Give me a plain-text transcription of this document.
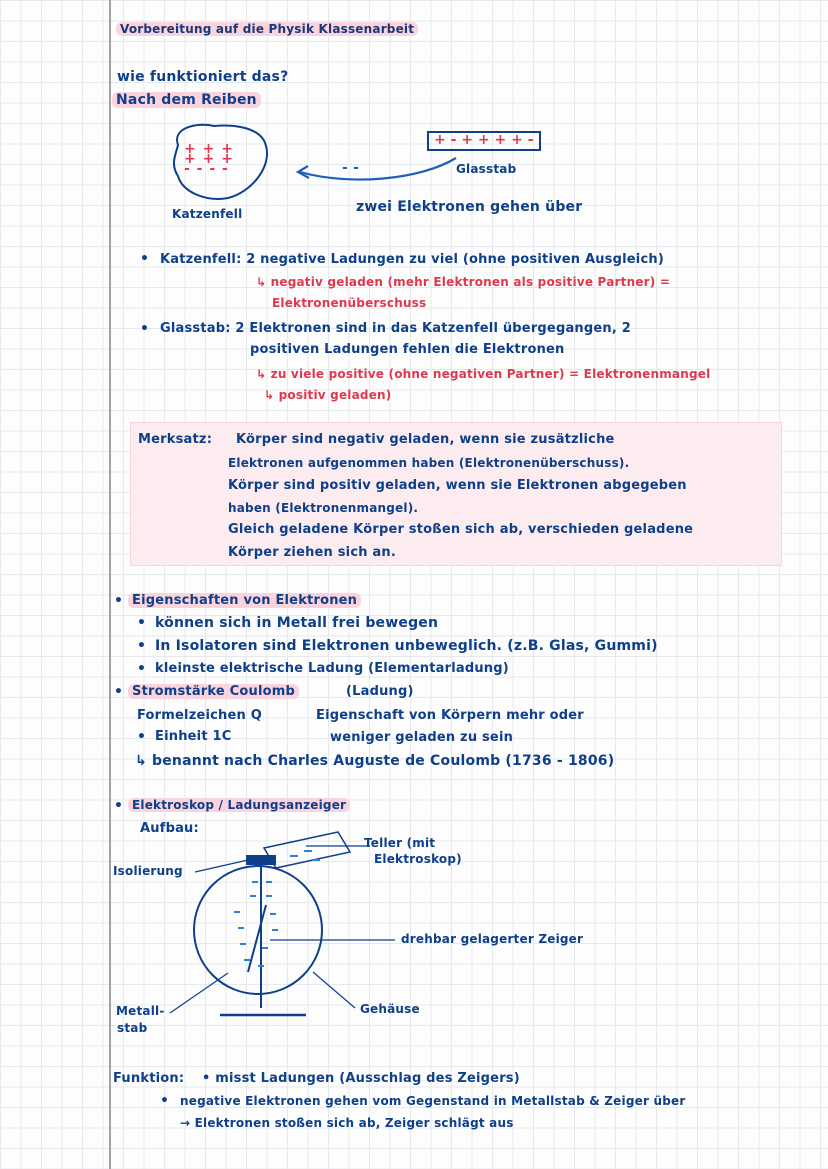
Vorbereitung auf die Physik Klassenarbeit
wie funktioniert das?
Nach dem Reiben
+ + + + + + - - - -
+ - + + + + -
- -	Glasstab
Katzenfell	zwei Elektronen gehen über
• Katzenfell: 2 negative Ladungen zu viel (ohne positiven Ausgleich)
↳ negativ geladen (mehr Elektronen als positive Partner) =
Elektronenüberschuss
• Glasstab: 2 Elektronen sind in das Katzenfell übergegangen, 2
positiven Ladungen fehlen die Elektronen
↳ zu viele positive (ohne negativen Partner) = Elektronenmangel
↳ positiv geladen)
Merksatz: Körper sind negativ geladen, wenn sie zusätzliche
Elektronen aufgenommen haben (Elektronenüberschuss).
Körper sind positiv geladen, wenn sie Elektronen abgegeben
haben (Elektronenmangel).
Gleich geladene Körper stoßen sich ab, verschieden geladene
Körper ziehen sich an.
• Eigenschaften von Elektronen
• können sich in Metall frei bewegen
• In Isolatoren sind Elektronen unbeweglich. (z.B. Glas, Gummi)
• kleinste elektrische Ladung (Elementarladung)
• Stromstärke Coulomb	(Ladung)
Formelzeichen Q	Eigenschaft von Körpern mehr oder
• Einheit 1C	weniger geladen zu sein
↳ benannt nach Charles Auguste de Coulomb (1736 - 1806)
• Elektroskop / Ladungsanzeiger
Aufbau:
Teller (mit
Elektroskop)
Isolierung
drehbar gelagerter Zeiger
Metall-
stab
Gehäuse
Funktion: • misst Ladungen (Ausschlag des Zeigers)
• negative Elektronen gehen vom Gegenstand in Metallstab & Zeiger über
→ Elektronen stoßen sich ab, Zeiger schlägt aus
